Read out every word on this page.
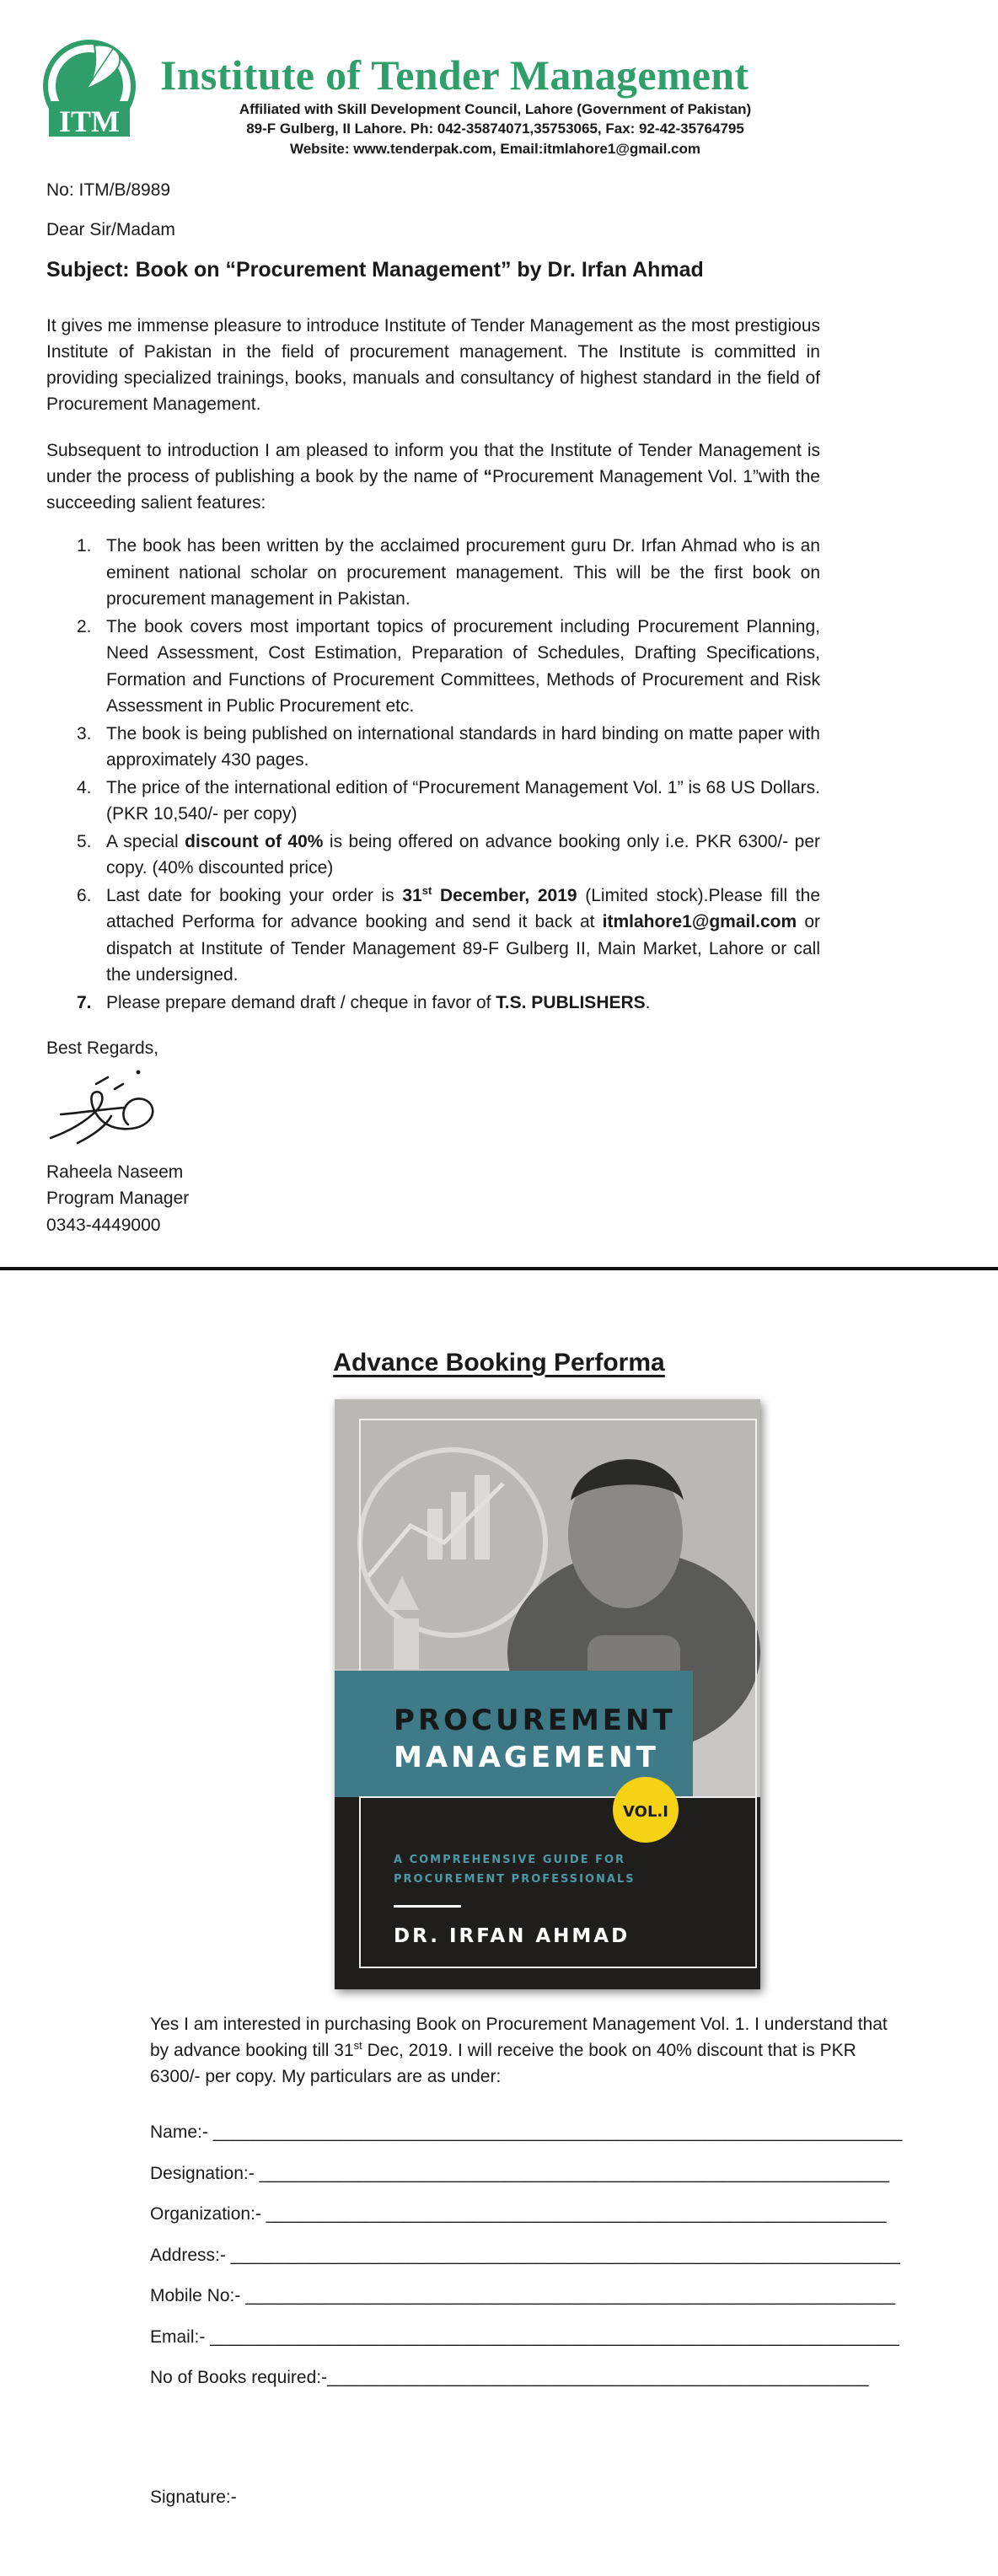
ITM
Institute of Tender Management
Affiliated with Skill Development Council, Lahore (Government of Pakistan)
89-F Gulberg, II Lahore. Ph: 042-35874071,35753065, Fax: 92-42-35764795
Website: www.tenderpak.com, Email:itmlahore1@gmail.com
No: ITM/B/8989
Dear Sir/Madam
Subject: Book on “Procurement Management” by Dr. Irfan Ahmad
It gives me immense pleasure to introduce Institute of Tender Management as the most prestigious Institute of Pakistan in the field of procurement management. The Institute is committed in providing specialized trainings, books, manuals and consultancy of highest standard in the field of Procurement Management.
Subsequent to introduction I am pleased to inform you that the Institute of Tender Management is under the process of publishing a book by the name of “Procurement Management Vol. 1”with the succeeding salient features:
1. The book has been written by the acclaimed procurement guru Dr. Irfan Ahmad who is an eminent national scholar on procurement management. This will be the first book on procurement management in Pakistan.
2. The book covers most important topics of procurement including Procurement Planning, Need Assessment, Cost Estimation, Preparation of Schedules, Drafting Specifications, Formation and Functions of Procurement Committees, Methods of Procurement and Risk Assessment in Public Procurement etc.
3. The book is being published on international standards in hard binding on matte paper with approximately 430 pages.
4. The price of the international edition of “Procurement Management Vol. 1” is 68 US Dollars. (PKR 10,540/- per copy)
5. A special discount of 40% is being offered on advance booking only i.e. PKR 6300/- per copy. (40% discounted price)
6. Last date for booking your order is 31st December, 2019 (Limited stock).Please fill the attached Performa for advance booking and send it back at itmlahore1@gmail.com or dispatch at Institute of Tender Management 89-F Gulberg II, Main Market, Lahore or call the undersigned.
7. Please prepare demand draft / cheque in favor of T.S. PUBLISHERS.
Best Regards,
Raheela Naseem
Program Manager
0343-4449000
Advance Booking Performa
PROCUREMENT
MANAGEMENT
VOL.I
A COMPREHENSIVE GUIDE FOR
PROCUREMENT PROFESSIONALS
DR. IRFAN AHMAD
Yes I am interested in purchasing Book on Procurement Management Vol. 1. I understand that by advance booking till 31st Dec, 2019. I will receive the book on 40% discount that is PKR 6300/- per copy. My particulars are as under:
Name:- ______________________________________________________________________
Designation:- ________________________________________________________________
Organization:- _______________________________________________________________
Address:- ____________________________________________________________________
Mobile No:- __________________________________________________________________
Email:- ______________________________________________________________________
No of Books required:-_______________________________________________________
Signature:-
